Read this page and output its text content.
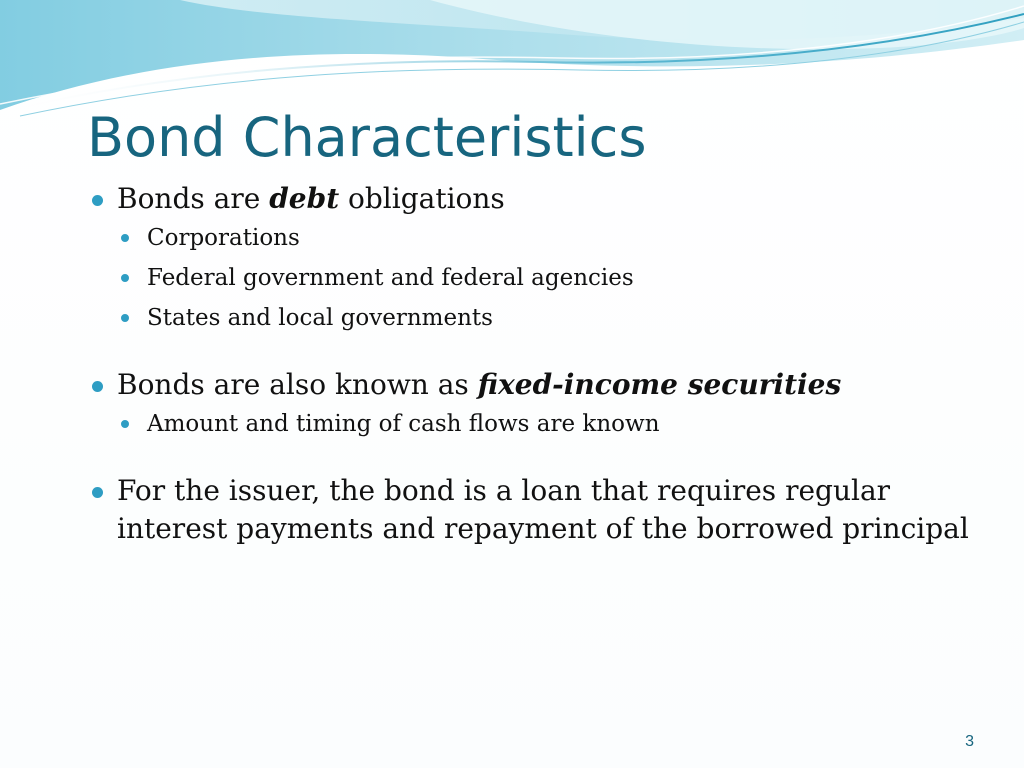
Bond Characteristics
Bonds are debt obligations
Corporations
Federal government and federal agencies
States and local governments
Bonds are also known as fixed-income securities
Amount and timing of cash flows are known
For the issuer, the bond is a loan that requires regular interest payments and repayment of the borrowed principal
3
